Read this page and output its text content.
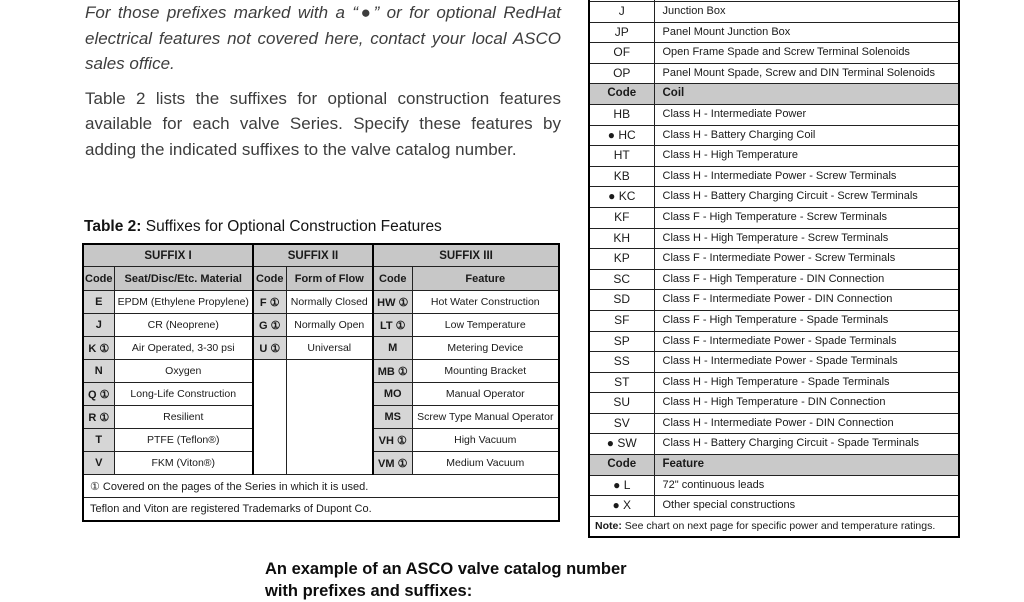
For those prefixes marked with a “●” or for optional RedHat electrical features not covered here, contact your local ASCO sales office.

Table 2 lists the suffixes for optional construction features available for each valve Series. Specify these features by adding the indicated suffixes to the valve catalog number.

Table 2: Suffixes for Optional Construction Features
SUFFIX I		SUFFIX II		SUFFIX III	
Code	Seat/Disc/Etc. Material	Code	Form of Flow	Code	Feature
E	EPDM (Ethylene Propylene)	F ①	Normally Closed	HW ①	Hot Water Construction
J	CR (Neoprene)	G ①	Normally Open	LT ①	Low Temperature
K ①	Air Operated, 3-30 psi	U ①	Universal	M	Metering Device
N	Oxygen			MB ①	Mounting Bracket
Q ①	Long-Life Construction			MO	Manual Operator
R ①	Resilient			MS	Screw Type Manual Operator
T	PTFE (Teflon®)			VH ①	High Vacuum
V	FKM (Viton®)			VM ①	Medium Vacuum
① Covered on the pages of the Series in which it is used.					
Teflon and Viton are registered Trademarks of Dupont Co.					

J	Junction Box
JP	Panel Mount Junction Box
OF	Open Frame Spade and Screw Terminal Solenoids
OP	Panel Mount Spade, Screw and DIN Terminal Solenoids
Code	Coil
HB	Class H - Intermediate Power
● HC	Class H - Battery Charging Coil
HT	Class H - High Temperature
KB	Class H - Intermediate Power - Screw Terminals
● KC	Class H - Battery Charging Circuit - Screw Terminals
KF	Class F - High Temperature - Screw Terminals
KH	Class H - High Temperature - Screw Terminals
KP	Class F - Intermediate Power - Screw Terminals
SC	Class F - High Temperature - DIN Connection
SD	Class F - Intermediate Power - DIN Connection
SF	Class F - High Temperature - Spade Terminals
SP	Class F - Intermediate Power - Spade Terminals
SS	Class H - Intermediate Power - Spade Terminals
ST	Class H - High Temperature - Spade Terminals
SU	Class H - High Temperature - DIN Connection
SV	Class H - Intermediate Power - DIN Connection
● SW	Class H - Battery Charging Circuit - Spade Terminals
Code	Feature
● L	72" continuous leads
● X	Other special constructions
Note: See chart on next page for specific power and temperature ratings.	
An example of an ASCO valve catalog number
with prefixes and suffixes:
